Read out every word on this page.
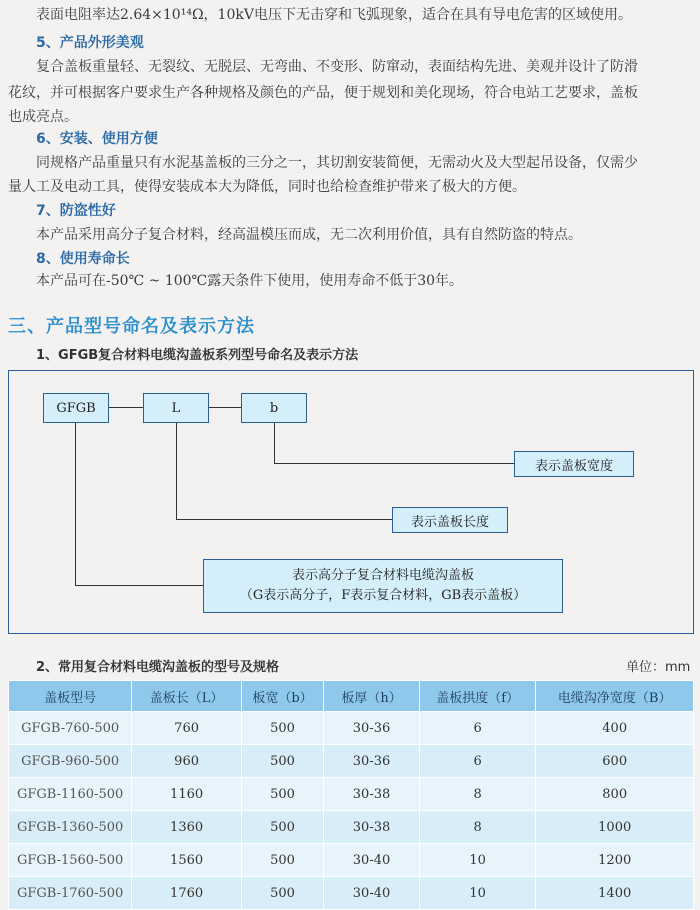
表面电阻率达2.64×10¹⁴Ω，10kV电压下无击穿和飞弧现象，适合在具有导电危害的区域使用。
5、产品外形美观
复合盖板重量轻、无裂纹、无脱层、无弯曲、不变形、防窜动，表面结构先进、美观并设计了防滑
花纹，并可根据客户要求生产各种规格及颜色的产品，便于规划和美化现场，符合电站工艺要求，盖板
也成亮点。
6、安装、使用方便
同规格产品重量只有水泥基盖板的三分之一，其切割安装简便，无需动火及大型起吊设备，仅需少
量人工及电动工具，使得安装成本大为降低，同时也给检查维护带来了极大的方便。
7、防盗性好
本产品采用高分子复合材料，经高温模压而成，无二次利用价值，具有自然防盗的特点。
8、使用寿命长
本产品可在-50℃ ~ 100℃露天条件下使用，使用寿命不低于30年。
三、产品型号命名及表示方法
1、GFGB复合材料电缆沟盖板系列型号命名及表示方法
GFGB	L	b
表示盖板宽度
表示盖板长度
表示高分子复合材料电缆沟盖板
（G表示高分子，F表示复合材料，GB表示盖板）
2、常用复合材料电缆沟盖板的型号及规格	单位：mm
盖板型号	盖板长（L）	板宽（b）	板厚（h）	盖板拱度（f）	电缆沟净宽度（B）
GFGB-760-500	760	500	30-36	6	400
GFGB-960-500	960	500	30-36	6	600
GFGB-1160-500	1160	500	30-38	8	800
GFGB-1360-500	1360	500	30-38	8	1000
GFGB-1560-500	1560	500	30-40	10	1200
GFGB-1760-500	1760	500	30-40	10	1400
